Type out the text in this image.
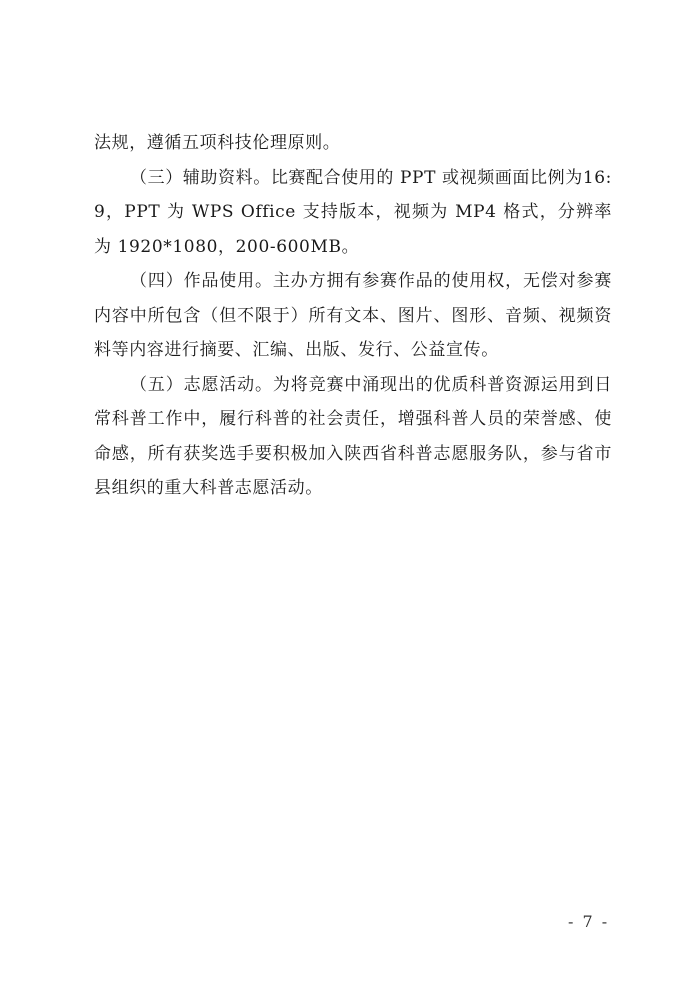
法规，遵循五项科技伦理原则。

（三）辅助资料。比赛配合使用的 PPT 或视频画面比例为16:9，PPT 为 WPS Office 支持版本，视频为 MP4 格式，分辨率为 1920*1080，200-600MB。

（四）作品使用。主办方拥有参赛作品的使用权，无偿对参赛内容中所包含（但不限于）所有文本、图片、图形、音频、视频资料等内容进行摘要、汇编、出版、发行、公益宣传。

（五）志愿活动。为将竞赛中涌现出的优质科普资源运用到日常科普工作中，履行科普的社会责任，增强科普人员的荣誉感、使命感，所有获奖选手要积极加入陕西省科普志愿服务队，参与省市县组织的重大科普志愿活动。

- 7 -
